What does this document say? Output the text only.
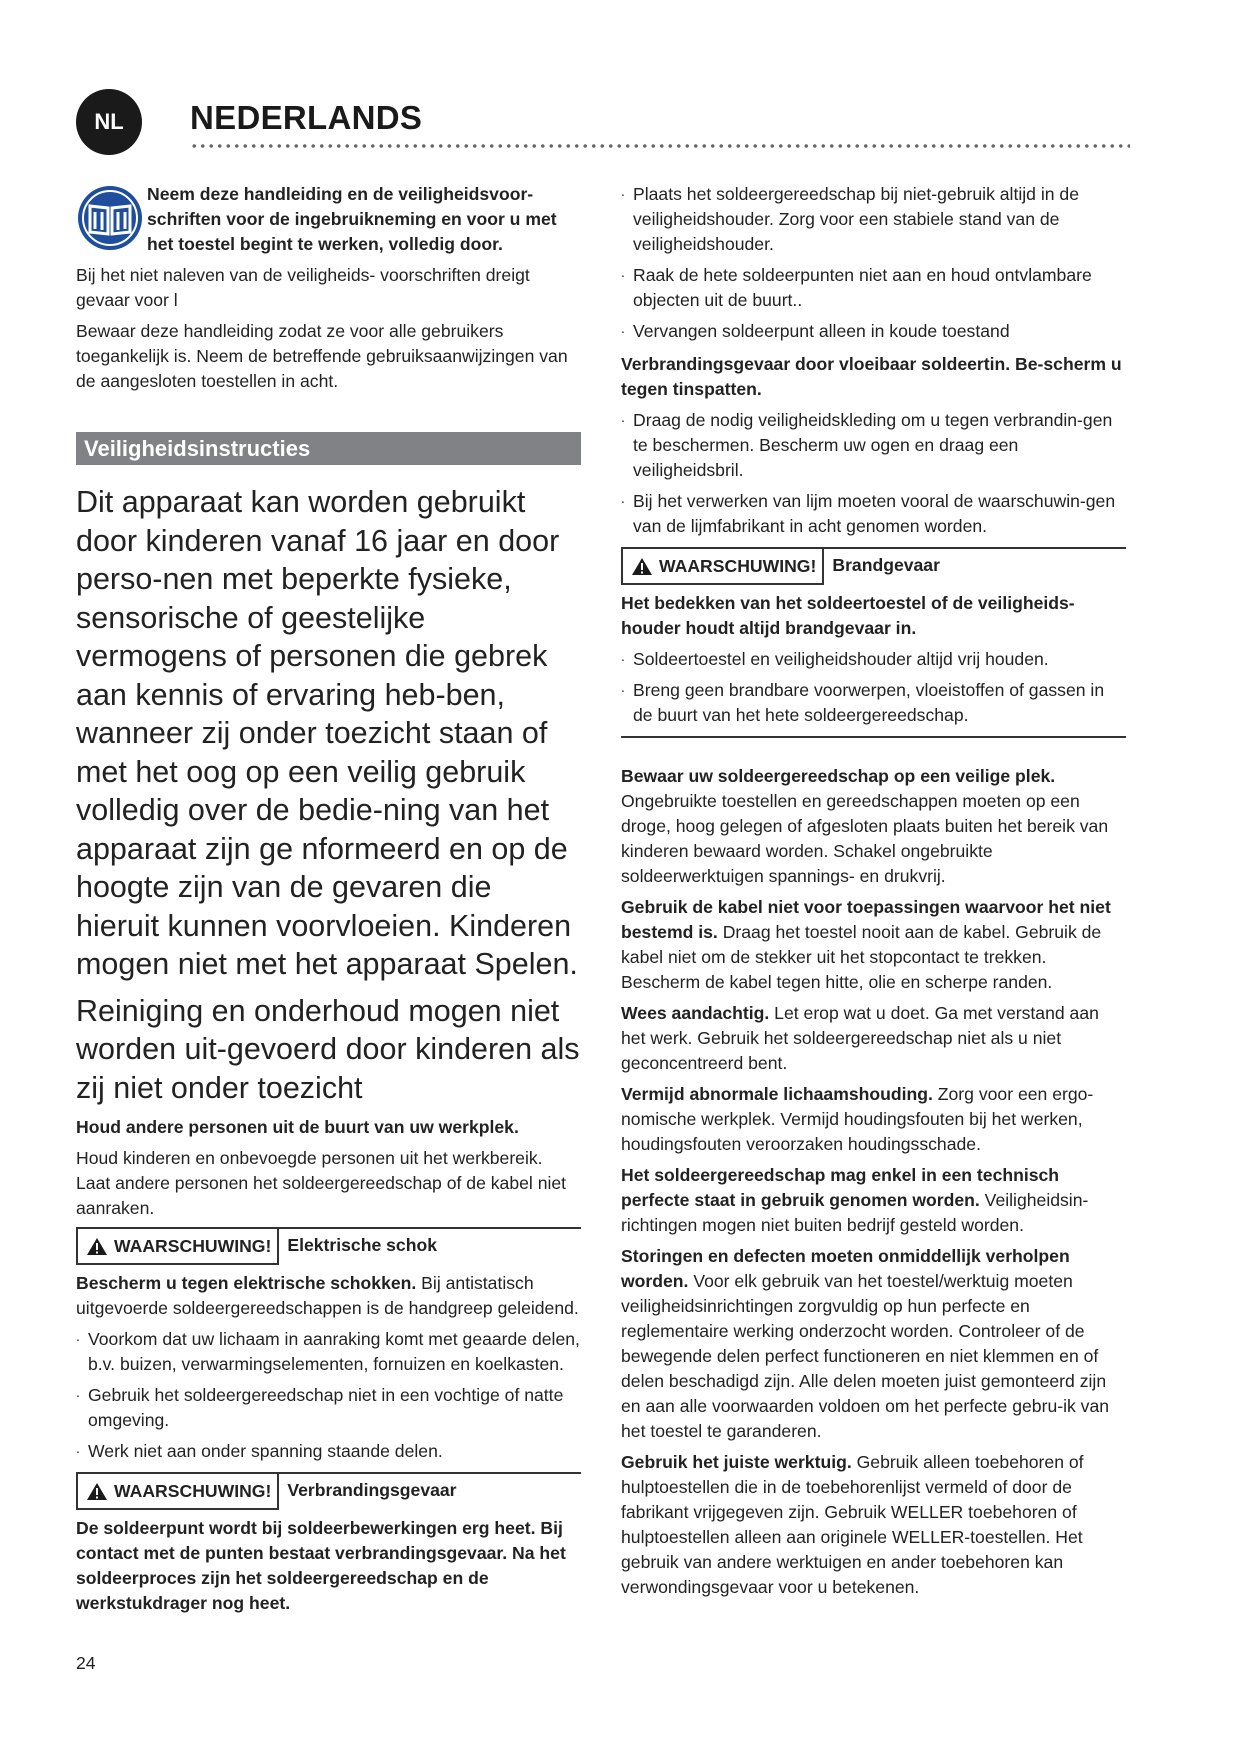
NL	NEDERLANDS

Neem deze handleiding en de veiligheidsvoor-schriften voor de ingebruikneming en voor u met het toestel begint te werken, volledig door.

Bij het niet naleven van de veiligheids- voorschriften dreigt gevaar voor l

Bewaar deze handleiding zodat ze voor alle gebruikers toegankelijk is. Neem de betreffende gebruiksaanwijzingen van de aangesloten toestellen in acht.

Veiligheidsinstructies

Dit apparaat kan worden gebruikt door kinderen vanaf 16 jaar en door perso-nen met beperkte fysieke, sensorische of geestelijke vermogens of personen die gebrek aan kennis of ervaring heb-ben, wanneer zij onder toezicht staan of met het oog op een veilig gebruik volledig over de bedie-ning van het apparaat zijn ge nformeerd en op de hoogte zijn van de gevaren die hieruit kunnen voorvloeien. Kinderen mogen niet met het apparaat Spelen.

Reiniging en onderhoud mogen niet worden uit-gevoerd door kinderen als zij niet onder toezicht

Houd andere personen uit de buurt van uw werkplek.

Houd kinderen en onbevoegde personen uit het werkbereik. Laat andere personen het soldeergereedschap of de kabel niet aanraken.

WAARSCHUWING! Elektrische schok

Bescherm u tegen elektrische schokken. Bij antistatisch uitgevoerde soldeergereedschappen is de handgreep geleidend.

. Voorkom dat uw lichaam in aanraking komt met geaarde delen, b.v. buizen, verwarmingselementen, fornuizen en koelkasten.
. Gebruik het soldeergereedschap niet in een vochtige of natte omgeving.
. Werk niet aan onder spanning staande delen.
WAARSCHUWING! Verbrandingsgevaar

De soldeerpunt wordt bij soldeerbewerkingen erg heet. Bij contact met de punten bestaat verbrandingsgevaar. Na het soldeerproces zijn het soldeergereedschap en de werkstukdrager nog heet.

. Plaats het soldeergereedschap bij niet-gebruik altijd in de veiligheidshouder. Zorg voor een stabiele stand van de veiligheidshouder.
. Raak de hete soldeerpunten niet aan en houd ontvlambare objecten uit de buurt..
. Vervangen soldeerpunt alleen in koude toestand

Verbrandingsgevaar door vloeibaar soldeertin. Be-scherm u tegen tinspatten.

. Draag de nodig veiligheidskleding om u tegen verbrandin-gen te beschermen. Bescherm uw ogen en draag een veiligheidsbril.
. Bij het verwerken van lijm moeten vooral de waarschuwin-gen van de lijmfabrikant in acht genomen worden.
WAARSCHUWING! Brandgevaar

Het bedekken van het soldeertoestel of de veiligheids-houder houdt altijd brandgevaar in.

. Soldeertoestel en veiligheidshouder altijd vrij houden.
. Breng geen brandbare voorwerpen, vloeistoffen of gassen in de buurt van het hete soldeergereedschap.

Bewaar uw soldeergereedschap op een veilige plek.
Ongebruikte toestellen en gereedschappen moeten op een droge, hoog gelegen of afgesloten plaats buiten het bereik van kinderen bewaard worden. Schakel ongebruikte soldeerwerktuigen spannings- en drukvrij.

Gebruik de kabel niet voor toepassingen waarvoor het niet bestemd is. Draag het toestel nooit aan de kabel. Gebruik de kabel niet om de stekker uit het stopcontact te trekken. Bescherm de kabel tegen hitte, olie en scherpe randen.

Wees aandachtig. Let erop wat u doet. Ga met verstand aan het werk. Gebruik het soldeergereedschap niet als u niet geconcentreerd bent.

Vermijd abnormale lichaamshouding. Zorg voor een ergo-nomische werkplek. Vermijd houdingsfouten bij het werken, houdingsfouten veroorzaken houdingsschade.

Het soldeergereedschap mag enkel in een technisch perfecte staat in gebruik genomen worden. Veiligheidsin-richtingen mogen niet buiten bedrijf gesteld worden.

Storingen en defecten moeten onmiddellijk verholpen worden. Voor elk gebruik van het toestel/werktuig moeten veiligheidsinrichtingen zorgvuldig op hun perfecte en reglementaire werking onderzocht worden. Controleer of de bewegende delen perfect functioneren en niet klemmen en of delen beschadigd zijn. Alle delen moeten juist gemonteerd zijn en aan alle voorwaarden voldoen om het perfecte gebru-ik van het toestel te garanderen.

Gebruik het juiste werktuig. Gebruik alleen toebehoren of hulptoestellen die in de toebehorenlijst vermeld of door de fabrikant vrijgegeven zijn. Gebruik WELLER toebehoren of hulptoestellen alleen aan originele WELLER-toestellen. Het gebruik van andere werktuigen en ander toebehoren kan verwondingsgevaar voor u betekenen.

24
